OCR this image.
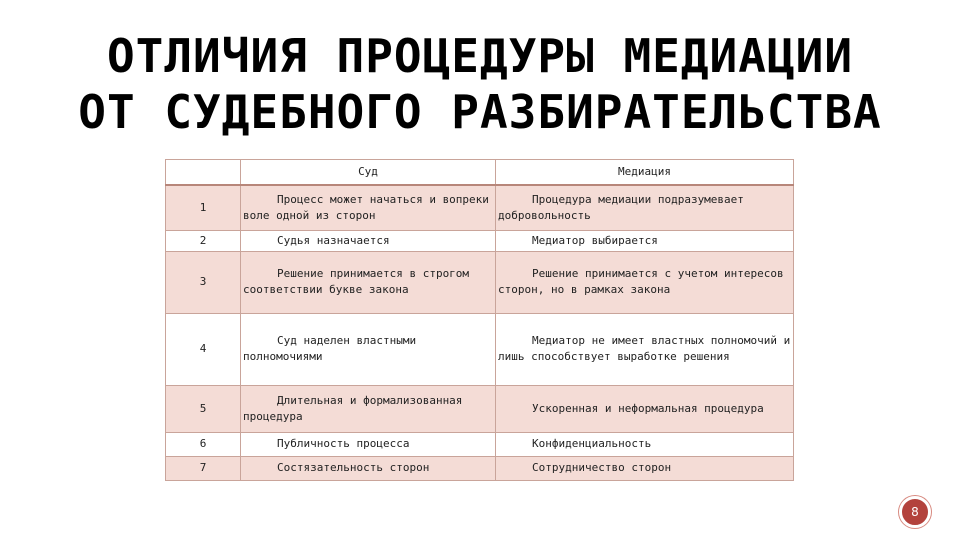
ОТЛИЧИЯ ПРОЦЕДУРЫ МЕДИАЦИИ
ОТ СУДЕБНОГО РАЗБИРАТЕЛЬСТВА
	Суд	Медиация
1	Процесс может начаться и вопреки воле одной из сторон	Процедура медиации подразумевает добровольность

2	Судья назначается	Медиатор выбирается

3	Решение принимается в строгом соответствии букве закона	Решение принимается с учетом интересов сторон, но в рамках закона

4	Суд наделен властными полномочиями	Медиатор не имеет властных полномочий и лишь способствует выработке решения

5	Длительная и формализованная процедура	Ускоренная и неформальная процедура

6	Публичность процесса	Конфиденциальность

7	Состязательность сторон	Сотрудничество сторон
8
